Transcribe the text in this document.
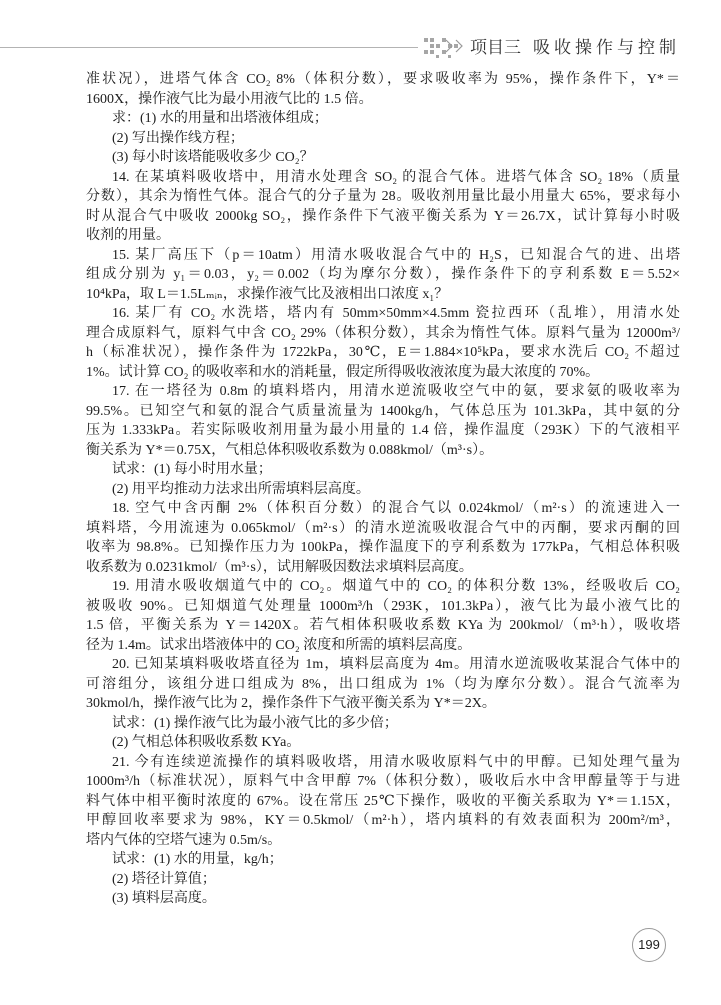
项目三 吸收操作与控制
准状况），进塔气体含 CO₂ 8%（体积分数），要求吸收率为 95%，操作条件下，Y*＝
1600X，操作液气比为最小用液气比的 1.5 倍。
求：(1) 水的用量和出塔液体组成；
(2) 写出操作线方程；
(3) 每小时该塔能吸收多少 CO₂？
14. 在某填料吸收塔中，用清水处理含 SO₂ 的混合气体。进塔气体含 SO₂ 18%（质量
分数），其余为惰性气体。混合气的分子量为 28。吸收剂用量比最小用量大 65%，要求每小
时从混合气中吸收 2000kg SO₂，操作条件下气液平衡关系为 Y＝26.7X，试计算每小时吸
收剂的用量。
15. 某厂高压下（p＝10atm）用清水吸收混合气中的 H₂S，已知混合气的进、出塔
组成分别为 y₁＝0.03，y₂＝0.002（均为摩尔分数），操作条件下的亨利系数 E＝5.52×
10⁴kPa，取 L＝1.5Lₘᵢₙ，求操作液气比及液相出口浓度 x₁？
16. 某厂有 CO₂ 水洗塔，塔内有 50mm×50mm×4.5mm 瓷拉西环（乱堆），用清水处
理合成原料气，原料气中含 CO₂ 29%（体积分数），其余为惰性气体。原料气量为 12000m³/
h（标准状况），操作条件为 1722kPa，30℃，E＝1.884×10⁵kPa，要求水洗后 CO₂ 不超过
1%。试计算 CO₂ 的吸收率和水的消耗量，假定所得吸收液浓度为最大浓度的 70%。
17. 在一塔径为 0.8m 的填料塔内，用清水逆流吸收空气中的氨，要求氨的吸收率为
99.5%。已知空气和氨的混合气质量流量为 1400kg/h，气体总压为 101.3kPa，其中氨的分
压为 1.333kPa。若实际吸收剂用量为最小用量的 1.4 倍，操作温度（293K）下的气液相平
衡关系为 Y*＝0.75X，气相总体积吸收系数为 0.088kmol/（m³·s）。
试求：(1) 每小时用水量；
(2) 用平均推动力法求出所需填料层高度。
18. 空气中含丙酮 2%（体积百分数）的混合气以 0.024kmol/（m²·s）的流速进入一
填料塔，今用流速为 0.065kmol/（m²·s）的清水逆流吸收混合气中的丙酮，要求丙酮的回
收率为 98.8%。已知操作压力为 100kPa，操作温度下的亨利系数为 177kPa，气相总体积吸
收系数为 0.0231kmol/（m³·s），试用解吸因数法求填料层高度。
19. 用清水吸收烟道气中的 CO₂。烟道气中的 CO₂ 的体积分数 13%，经吸收后 CO₂
被吸收 90%。已知烟道气处理量 1000m³/h（293K，101.3kPa），液气比为最小液气比的
1.5 倍，平衡关系为 Y＝1420X。若气相体积吸收系数 KYa 为 200kmol/（m³·h），吸收塔
径为 1.4m。试求出塔液体中的 CO₂ 浓度和所需的填料层高度。
20. 已知某填料吸收塔直径为 1m，填料层高度为 4m。用清水逆流吸收某混合气体中的
可溶组分，该组分进口组成为 8%，出口组成为 1%（均为摩尔分数）。混合气流率为
30kmol/h，操作液气比为 2，操作条件下气液平衡关系为 Y*＝2X。
试求：(1) 操作液气比为最小液气比的多少倍；
(2) 气相总体积吸收系数 KYa。
21. 今有连续逆流操作的填料吸收塔，用清水吸收原料气中的甲醇。已知处理气量为
1000m³/h（标准状况），原料气中含甲醇 7%（体积分数），吸收后水中含甲醇量等于与进
料气体中相平衡时浓度的 67%。设在常压 25℃下操作，吸收的平衡关系取为 Y*＝1.15X，
甲醇回收率要求为 98%，KY＝0.5kmol/（m²·h），塔内填料的有效表面积为 200m²/m³，
塔内气体的空塔气速为 0.5m/s。
试求：(1) 水的用量，kg/h；
(2) 塔径计算值；
(3) 填料层高度。
199
